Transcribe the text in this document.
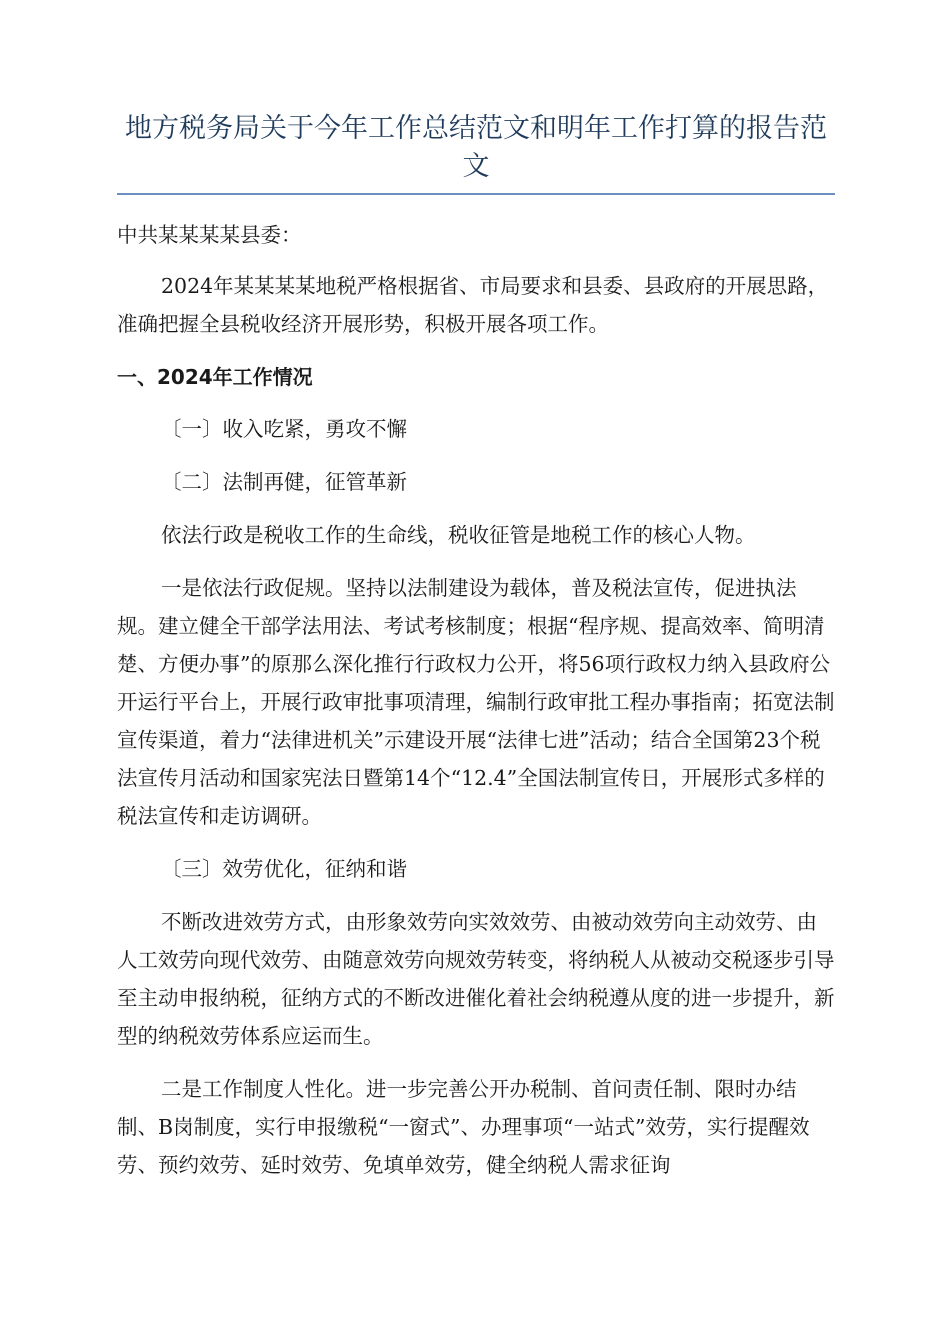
地方税务局关于今年工作总结范文和明年工作打算的报告范文

中共某某某某县委：

2024年某某某某地税严格根据省、市局要求和县委、县政府的开展思路，准确把握全县税收经济开展形势，积极开展各项工作。

一、2024年工作情况

〔一〕收入吃紧，勇攻不懈

〔二〕法制再健，征管革新

依法行政是税收工作的生命线，税收征管是地税工作的核心人物。

一是依法行政促规。坚持以法制建设为载体，普及税法宣传，促进执法规。建立健全干部学法用法、考试考核制度；根据“程序规、提高效率、简明清楚、方便办事”的原那么深化推行行政权力公开，将56项行政权力纳入县政府公开运行平台上，开展行政审批事项清理，编制行政审批工程办事指南；拓宽法制宣传渠道，着力“法律进机关”示建设开展“法律七进”活动；结合全国第23个税法宣传月活动和国家宪法日暨第14个“12.4”全国法制宣传日，开展形式多样的税法宣传和走访调研。

〔三〕效劳优化，征纳和谐

不断改进效劳方式，由形象效劳向实效效劳、由被动效劳向主动效劳、由人工效劳向现代效劳、由随意效劳向规效劳转变，将纳税人从被动交税逐步引导至主动申报纳税，征纳方式的不断改进催化着社会纳税遵从度的进一步提升，新型的纳税效劳体系应运而生。

二是工作制度人性化。进一步完善公开办税制、首问责任制、限时办结制、B岗制度，实行申报缴税“一窗式”、办理事项“一站式”效劳，实行提醒效劳、预约效劳、延时效劳、免填单效劳，健全纳税人需求征询
